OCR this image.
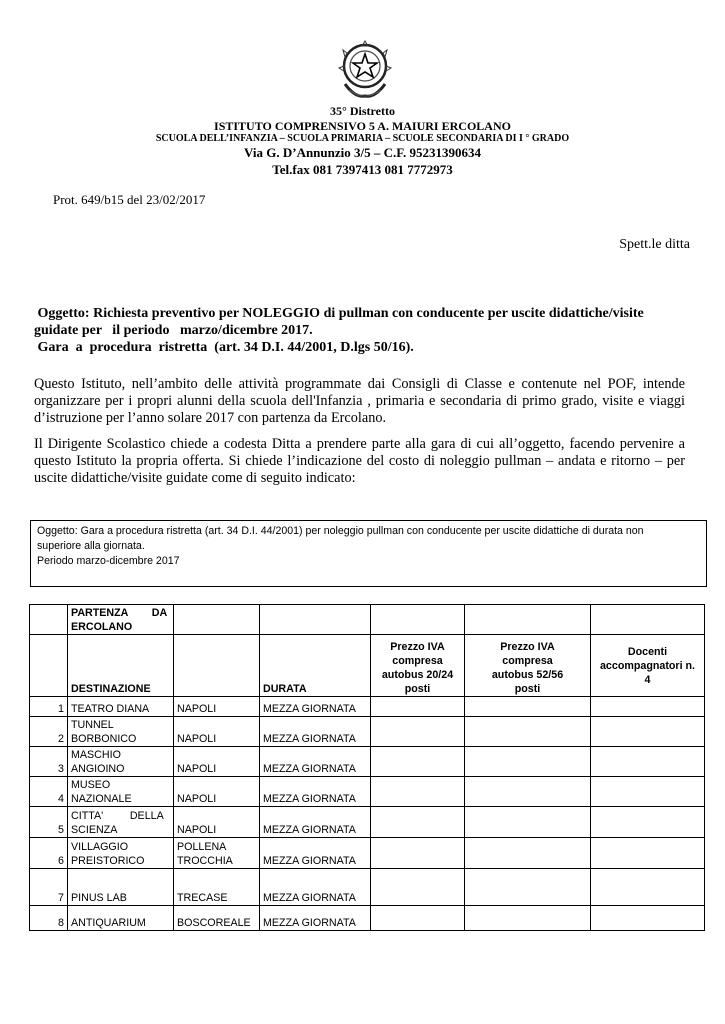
35° Distretto
ISTITUTO COMPRENSIVO 5 A. MAIURI ERCOLANO
SCUOLA DELL’INFANZIA – SCUOLA PRIMARIA – SCUOLE SECONDARIA DI I ° GRADO
Via G. D’Annunzio 3/5 – C.F. 95231390634
Tel.fax 081 7397413 081 7772973
Prot. 649/b15 del 23/02/2017
Spett.le ditta
Oggetto: Richiesta preventivo per NOLEGGIO di pullman con conducente per uscite didattiche/visite
guidate per   il periodo   marzo/dicembre 2017.
Gara  a  procedura  ristretta  (art. 34 D.I. 44/2001, D.lgs 50/16).
Questo Istituto, nell’ambito delle attività programmate dai Consigli di Classe e contenute nel POF, intende
organizzare per i propri alunni della scuola dell'Infanzia , primaria e secondaria di primo grado, visite e viaggi
d’istruzione per l’anno solare 2017 con partenza da Ercolano.
Il Dirigente Scolastico chiede a codesta Ditta a prendere parte alla gara di cui all’oggetto, facendo pervenire a
questo Istituto la propria offerta. Si chiede l’indicazione del costo di noleggio pullman – andata e ritorno – per
uscite didattiche/visite guidate come di seguito indicato:
Oggetto: Gara a procedura ristretta (art. 34 D.I. 44/2001) per noleggio pullman con conducente per uscite didattiche di durata non
superiore alla giornata.
Periodo marzo-dicembre 2017
	PARTENZA        DA
ERCOLANO					
	DESTINAZIONE		DURATA	Prezzo IVA
compresa
autobus 20/24
posti	Prezzo IVA
compresa
autobus 52/56
posti	Docenti
accompagnatori n.
4
1	TEATRO DIANA	NAPOLI	MEZZA GIORNATA			
2	TUNNEL
BORBONICO	NAPOLI	MEZZA GIORNATA			
3	MASCHIO
ANGIOINO	NAPOLI	MEZZA GIORNATA			
4	MUSEO
NAZIONALE	NAPOLI	MEZZA GIORNATA			
5	CITTA'         DELLA
SCIENZA	NAPOLI	MEZZA GIORNATA			
6	VILLAGGIO
PREISTORICO	POLLENA
TROCCHIA	MEZZA GIORNATA			
7	PINUS LAB	TRECASE	MEZZA GIORNATA			
8	ANTIQUARIUM	BOSCOREALE	MEZZA GIORNATA			
